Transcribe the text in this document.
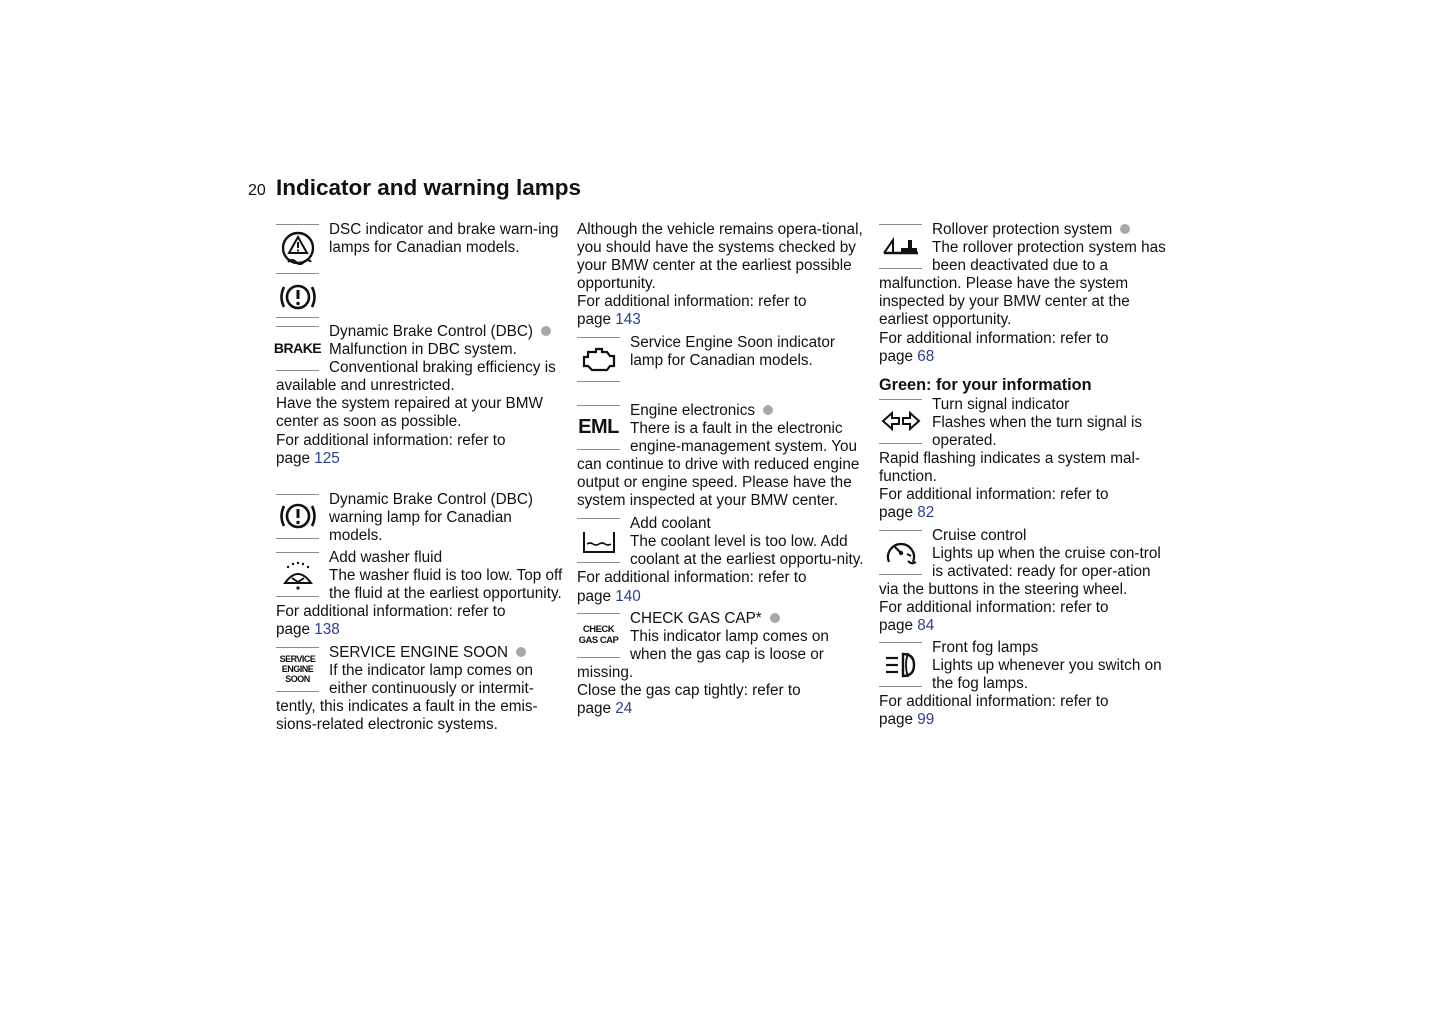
20 Indicator and warning lamps

DSC indicator and brake warn-ing lamps for Canadian models.

BRAKE

Dynamic Brake Control (DBC)

Malfunction in DBC system. Conventional braking efficiency is available and unrestricted.

Have the system repaired at your BMW center as soon as possible.

For additional information: refer to
page 125

Dynamic Brake Control (DBC) warning lamp for Canadian models.

Add washer fluid

The washer fluid is too low. Top off the fluid at the earliest opportunity.

For additional information: refer to
page 138

SERVICE
ENGINE
SOON

SERVICE ENGINE SOON

If the indicator lamp comes on either continuously or intermit-tently, this indicates a fault in the emis-sions-related electronic systems.

Although the vehicle remains opera-tional, you should have the systems checked by your BMW center at the earliest possible opportunity.

For additional information: refer to
page 143

Service Engine Soon indicator lamp for Canadian models.

EML

Engine electronics

There is a fault in the electronic engine-management system. You can continue to drive with reduced engine output or engine speed. Please have the system inspected at your BMW center.

Add coolant

The coolant level is too low. Add coolant at the earliest opportu-nity.

For additional information: refer to
page 140

CHECK
GAS CAP

CHECK GAS CAP*

This indicator lamp comes on when the gas cap is loose or missing.

Close the gas cap tightly: refer to
page 24

Rollover protection system

The rollover protection system has been deactivated due to a malfunction. Please have the system inspected by your BMW center at the earliest opportunity.

For additional information: refer to
page 68

Green: for your information

Turn signal indicator

Flashes when the turn signal is operated.

Rapid flashing indicates a system mal-function.

For additional information: refer to
page 82

Cruise control

Lights up when the cruise con-trol is activated: ready for oper-ation via the buttons in the steering wheel.

For additional information: refer to
page 84

Front fog lamps

Lights up whenever you switch on the fog lamps.

For additional information: refer to
page 99
